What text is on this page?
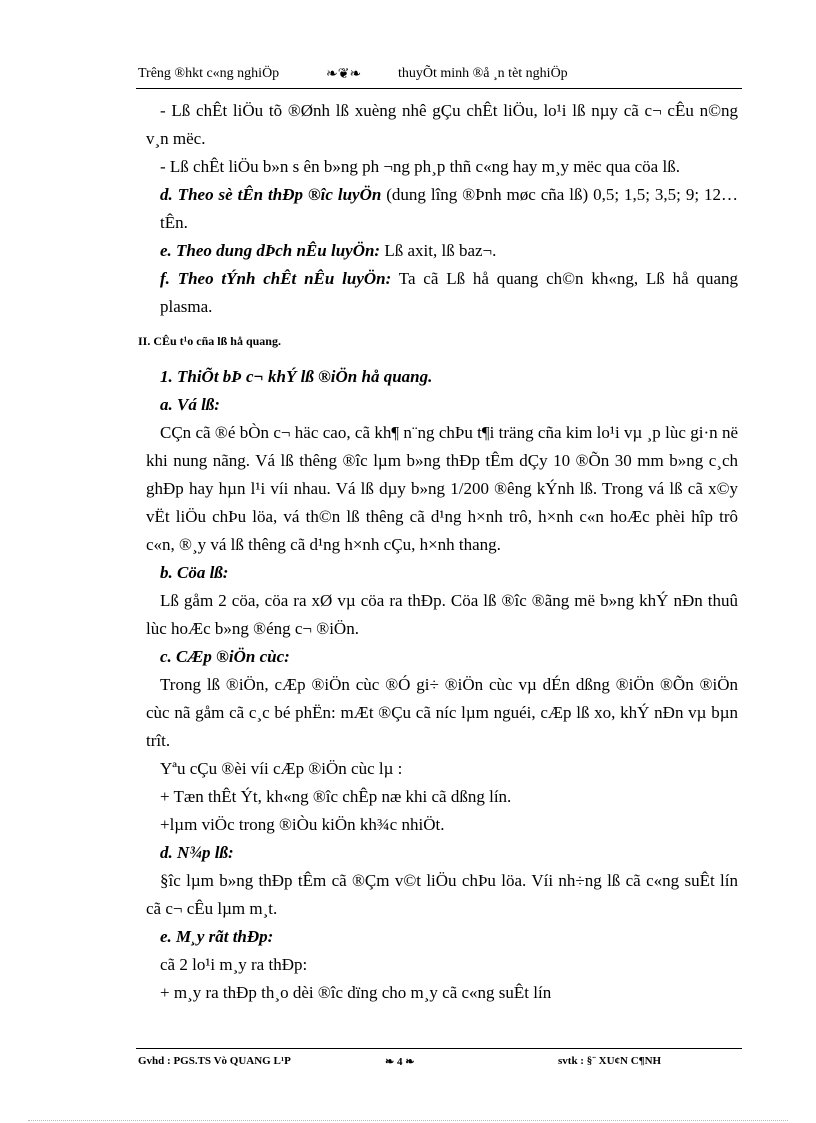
Trêng ®hkt c«ng nghiÖp	❧❦❧	thuyÕt minh ®å ¸n tèt nghiÖp

- Lß chÊt liÖu tõ ®Ønh lß xuèng nhê gÇu chÊt liÖu, lo¹i lß nµy cã c¬ cÊu n©ng v¸n mëc.

- Lß chÊt liÖu b»n s ên b»ng ph ¬ng ph¸p thñ c«ng hay m¸y mëc qua cöa lß.

d. Theo sè tÊn thÐp ®îc luyÖn (dung lîng ®Þnh møc cña lß) 0,5; 1,5; 3,5; 9; 12… tÊn.

e. Theo dung dÞch nÊu luyÖn: Lß axit, lß baz¬.

f. Theo tÝnh chÊt nÊu luyÖn: Ta cã Lß hå quang ch©n kh«ng, Lß hå quang plasma.

II. CÊu t¹o cña lß hå quang.

1. ThiÕt bÞ c¬ khÝ lß ®iÖn hå quang.

a. Vá lß:

CÇn cã ®é bÒn c¬ häc cao, cã kh¶ n¨ng chÞu t¶i träng cña kim lo¹i vµ ¸p lùc gi·n në khi nung nãng. Vá lß thêng ®îc lµm b»ng thÐp tÊm dÇy 10 ®Õn 30 mm b»ng c¸ch ghÐp hay hµn l¹i víi nhau. Vá lß dµy b»ng 1/200 ®êng kÝnh lß. Trong vá lß cã x©y vËt liÖu chÞu löa, vá th©n lß thêng cã d¹ng h×nh trô, h×nh c«n hoÆc phèi hîp trô c«n, ®¸y vá lß thêng cã d¹ng h×nh cÇu, h×nh thang.

b. Cöa lß:

Lß gåm 2 cöa, cöa ra xØ vµ cöa ra thÐp. Cöa lß ®îc ®ãng më b»ng khÝ nÐn thuû lùc hoÆc b»ng ®éng c¬ ®iÖn.

c. CÆp ®iÖn cùc:

Trong lß ®iÖn, cÆp ®iÖn cùc ®Ó gi÷ ®iÖn cùc vµ dÉn dßng ®iÖn ®Õn ®iÖn cùc nã gåm cã c¸c bé phËn: mÆt ®Çu cã níc lµm nguéi, cÆp lß xo, khÝ nÐn vµ bµn trît.

Yªu cÇu ®èi víi cÆp ®iÖn cùc lµ :

+ Tæn thÊt Ýt, kh«ng ®îc chÊp næ khi cã dßng lín.

+lµm viÖc trong ®iÒu kiÖn kh¾c nhiÖt.

d. N¾p lß:

§îc lµm b»ng thÐp tÊm cã ®Çm v©t liÖu chÞu löa. Víi nh÷ng lß cã c«ng suÊt lín cã c¬ cÊu lµm m¸t.

e. M¸y rãt thÐp:

cã 2 lo¹i m¸y ra thÐp:

+ m¸y ra thÐp th¸o dèi ®îc dïng cho m¸y cã c«ng suÊt lín

Gvhd : PGS.TS Vò QUANG L¹P	❧ 4 ❧	svtk : §¨ XU¢N C¶NH
